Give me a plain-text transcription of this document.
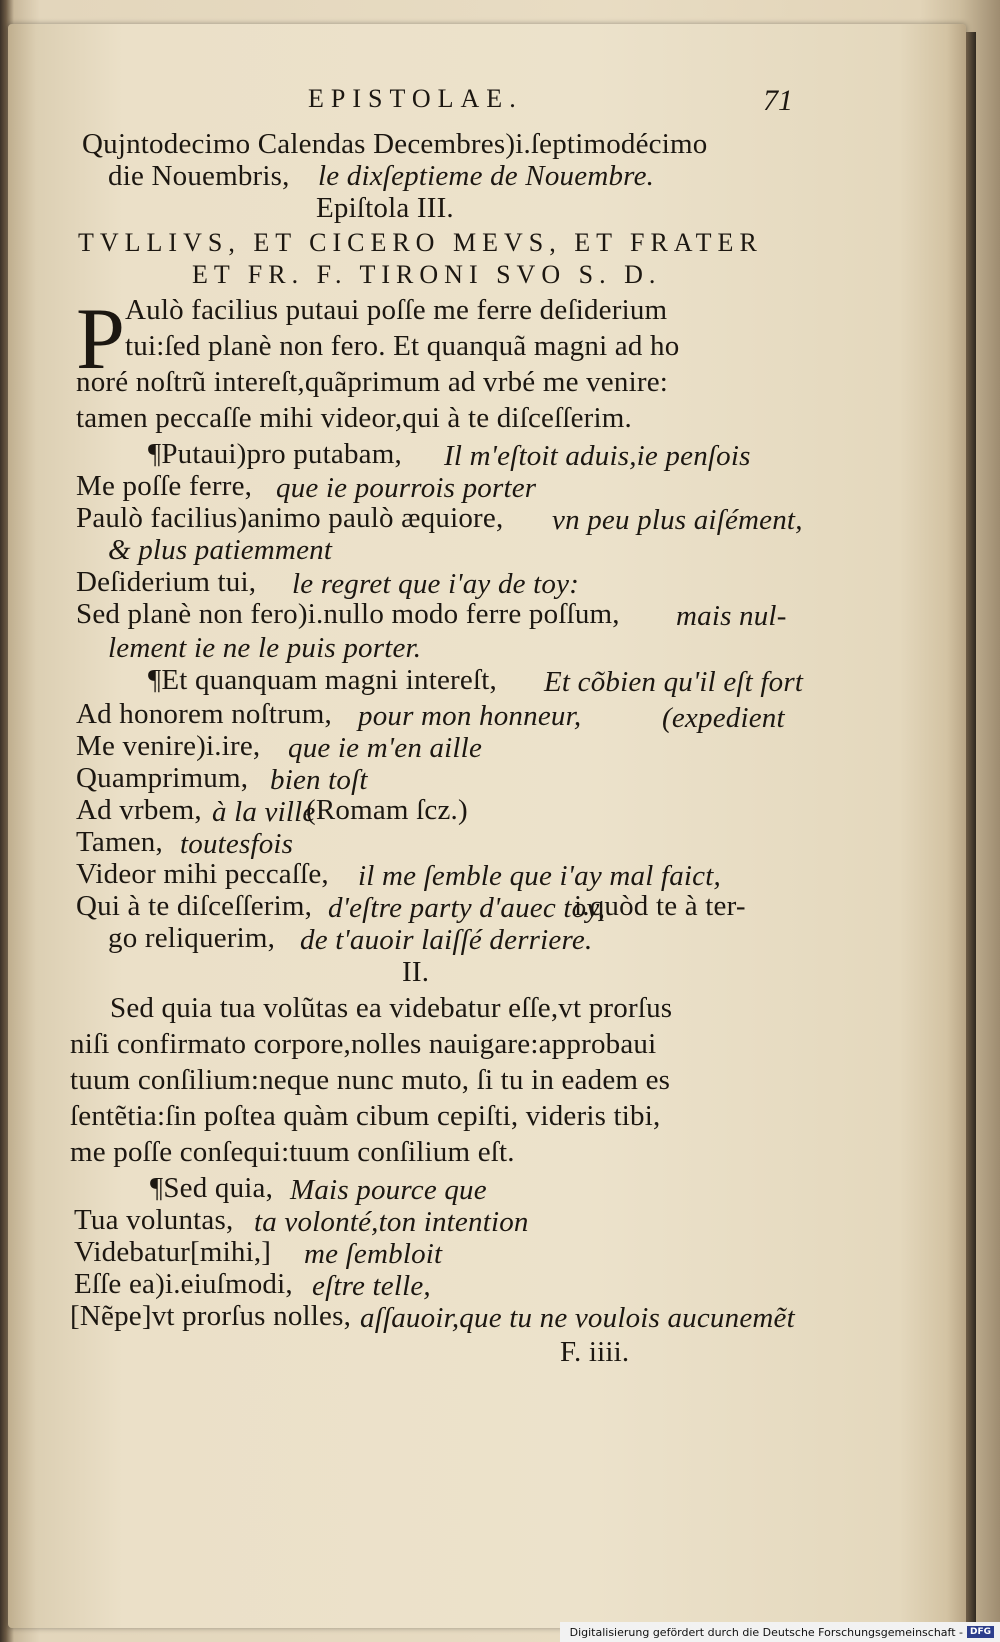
EPISTOLAE.	71
P
Qujntodecimo Calendas Decembres)i.ſeptimodécimo
die Nouembris, le dixſeptieme de Nouembre.
Epiſtola III.
TVLLIVS, ET CICERO MEVS, ET FRATER
ET FR. F. TIRONI SVO S. D.
Aulò facilius putaui poſſe me ferre deſiderium
tui:ſed planè non fero. Et quanquã magni ad ho
noré noſtrũ intereſt,quãprimum ad vrbé me venire:
tamen peccaſſe mihi videor,qui à te diſceſſerim.
¶Putaui)pro putabam, Il m'eſtoit aduis,ie penſois
Me poſſe ferre, que ie pourrois porter
Paulò facilius)animo paulò æquiore, vn peu plus aiſément,
& plus patiemment
Deſiderium tui, le regret que i'ay de toy:
Sed planè non fero)i.nullo modo ferre poſſum, mais nul-
lement ie ne le puis porter.
¶Et quanquam magni intereſt, Et cõbien qu'il eſt fort
Ad honorem noſtrum, pour mon honneur,	(expedient
Me venire)i.ire, que ie m'en aille
Quamprimum, bien toſt
Ad vrbem, à la ville
(Romam ſcz.)
Tamen, toutesfois
Videor mihi peccaſſe, il me ſemble que i'ay mal faict,
Qui à te diſceſſerim, d'eſtre party d'auec toy,
i.quòd te à ter-
go reliquerim, de t'auoir laiſſé derriere.
II.
Sed quia tua volũtas ea videbatur eſſe,vt prorſus
niſi confirmato corpore,nolles nauigare:approbaui
tuum conſilium:neque nunc muto, ſi tu in eadem es
ſentẽtia:ſin poſtea quàm cibum cepiſti, videris tibi,
me poſſe conſequi:tuum conſilium eſt.
¶Sed quia, Mais pource que
Tua voluntas, ta volonté,ton intention
Videbatur[mihi,] me ſembloit
Eſſe ea)i.eiuſmodi, eſtre telle,
[Nẽpe]vt prorſus nolles, aſſauoir,que tu ne voulois aucunemẽt
F. iiii.
Digitalisierung gefördert durch die Deutsche Forschungsgemeinschaft - DFG
